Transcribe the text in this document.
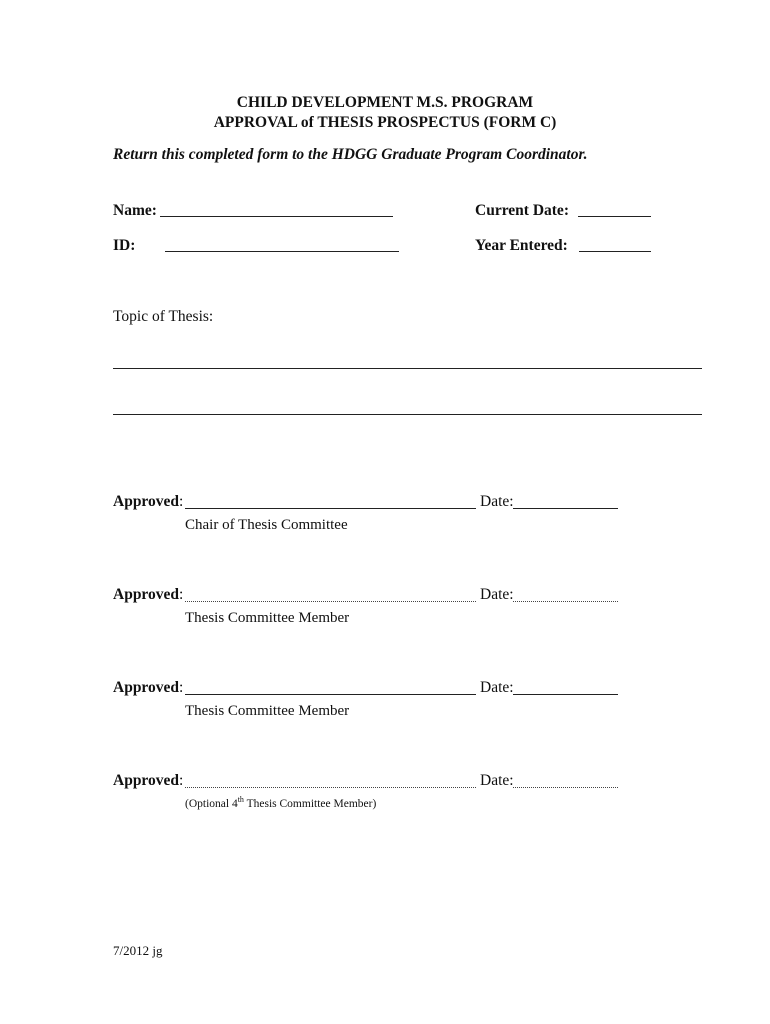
CHILD DEVELOPMENT M.S. PROGRAM
APPROVAL of THESIS PROSPECTUS (FORM C)
Return this completed form to the HDGG Graduate Program Coordinator.
Name:	Current Date:
ID:	Year Entered:
Topic of Thesis:
Approved:	Date:
Chair of Thesis Committee
Approved:	Date:
Thesis Committee Member
Approved:	Date:
Thesis Committee Member
Approved:	Date:
(Optional 4th Thesis Committee Member)
7/2012 jg
